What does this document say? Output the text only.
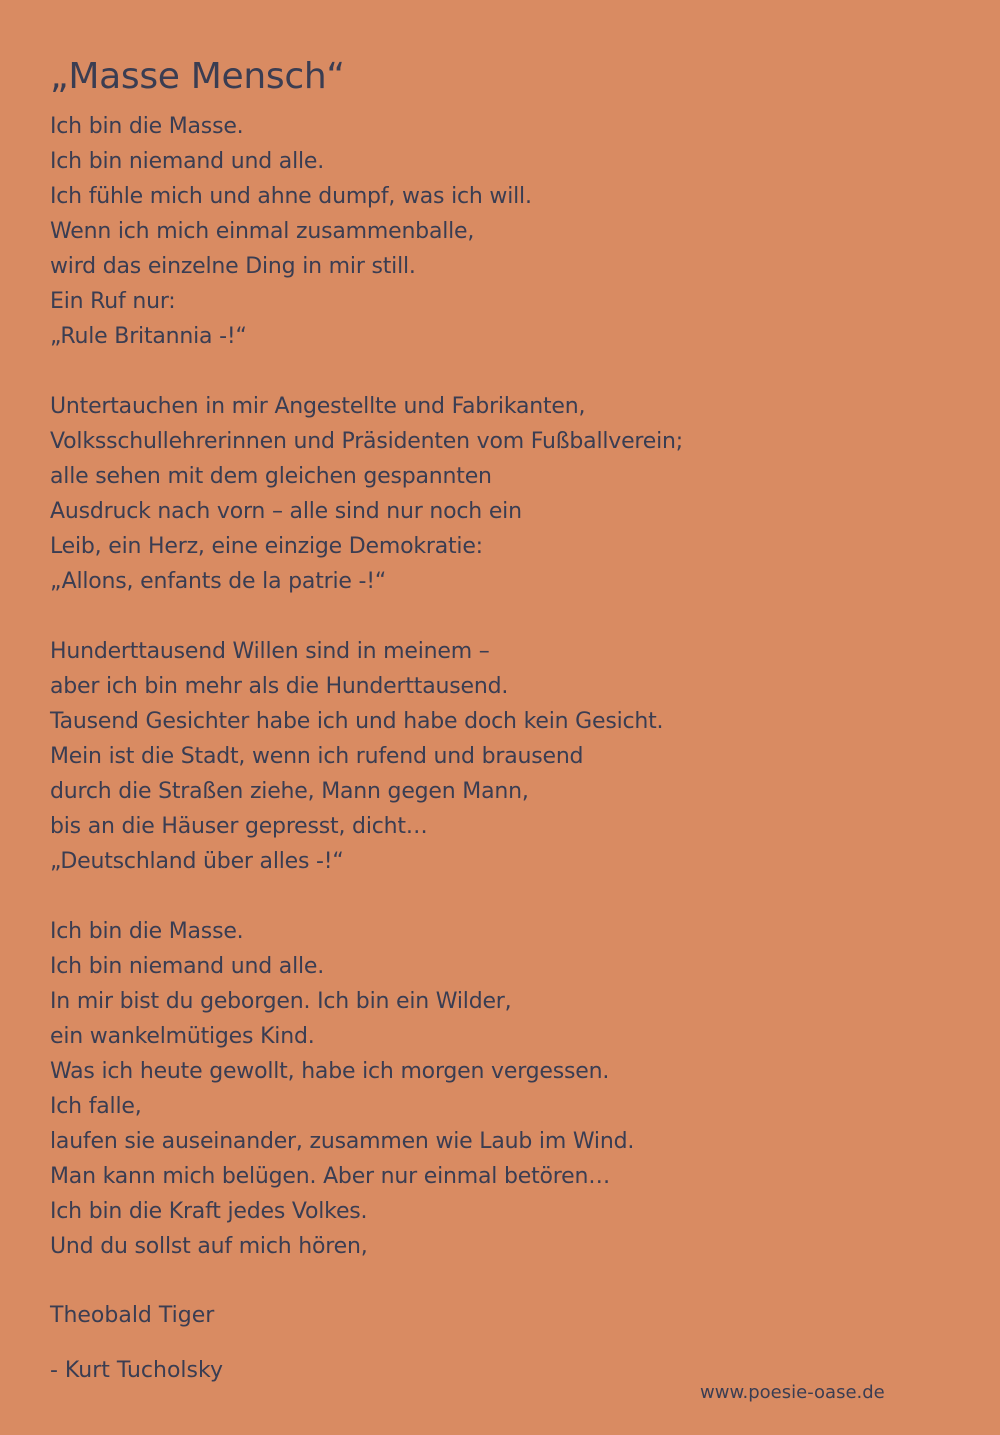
„Masse Mensch“
Ich bin die Masse.
Ich bin niemand und alle.
Ich fühle mich und ahne dumpf, was ich will.
Wenn ich mich einmal zusammenballe,
wird das einzelne Ding in mir still.
Ein Ruf nur:
„Rule Britannia -!“
Untertauchen in mir Angestellte und Fabrikanten,
Volksschullehrerinnen und Präsidenten vom Fußballverein;
alle sehen mit dem gleichen gespannten
Ausdruck nach vorn – alle sind nur noch ein
Leib, ein Herz, eine einzige Demokratie:
„Allons, enfants de la patrie -!“
Hunderttausend Willen sind in meinem –
aber ich bin mehr als die Hunderttausend.
Tausend Gesichter habe ich und habe doch kein Gesicht.
Mein ist die Stadt, wenn ich rufend und brausend
durch die Straßen ziehe, Mann gegen Mann,
bis an die Häuser gepresst, dicht…
„Deutschland über alles -!“
Ich bin die Masse.
Ich bin niemand und alle.
In mir bist du geborgen. Ich bin ein Wilder,
ein wankelmütiges Kind.
Was ich heute gewollt, habe ich morgen vergessen.
Ich falle,
laufen sie auseinander, zusammen wie Laub im Wind.
Man kann mich belügen. Aber nur einmal betören…
Ich bin die Kraft jedes Volkes.
Und du sollst auf mich hören,
Theobald Tiger
- Kurt Tucholsky
www.poesie-oase.de
